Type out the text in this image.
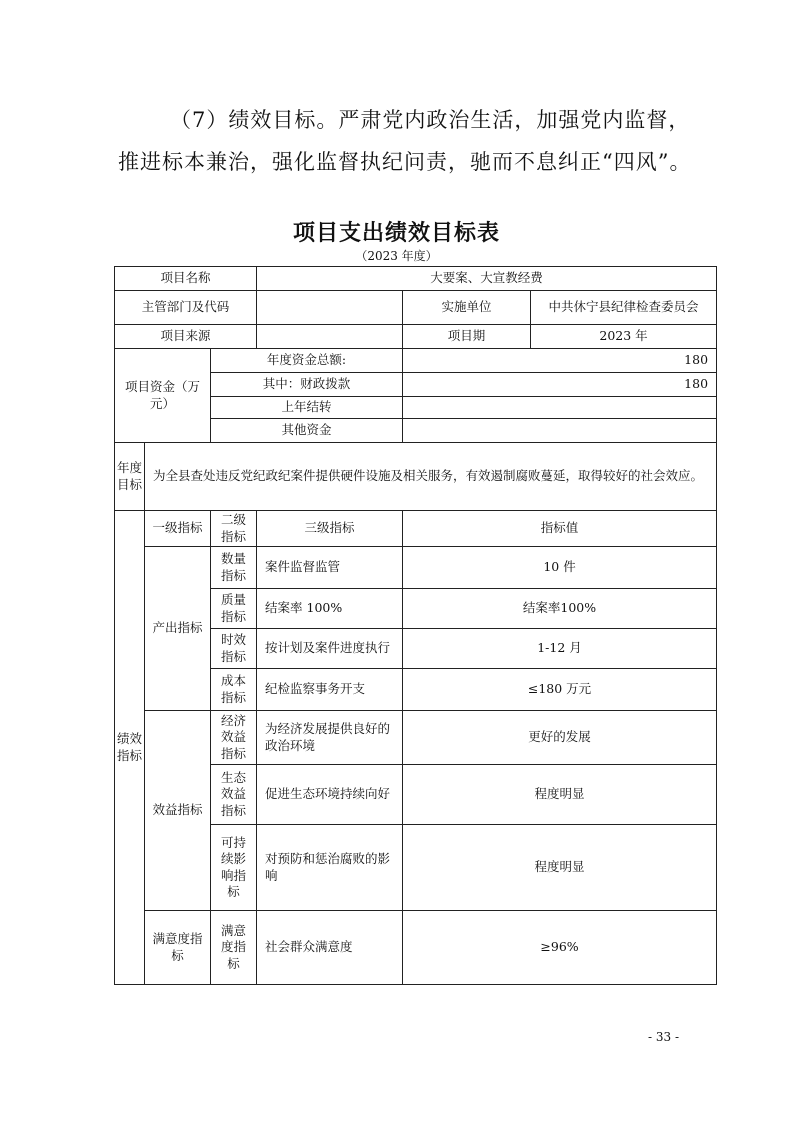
（7）绩效目标。严肃党内政治生活，加强党内监督，
推进标本兼治，强化监督执纪问责，驰而不息纠正“四风”。
项目支出绩效目标表
（2023 年度）
项目名称			大要案、大宣教经费		
主管部门及代码				实施单位	中共休宁县纪律检查委员会
项目来源				项目期	2023 年
项目资金（万元）		年度资金总额:		180	
		其中：财政拨款		180	
		上年结转			
		其他资金			
年度目标	为全县查处违反党纪政纪案件提供硬件设施及相关服务，有效遏制腐败蔓延，取得较好的社会效应。				
绩效指标	一级指标	二级指标	三级指标	指标值	
	产出指标	数量指标	案件监督监管	10 件	
		质量指标	结案率 100%	结案率100%	
		时效指标	按计划及案件进度执行	1-12 月	
		成本指标	纪检监察事务开支	≤180 万元	
	效益指标	经济效益指标	为经济发展提供良好的政治环境	更好的发展	
		生态效益指标	促进生态环境持续向好	程度明显	
		可持续影响指标	对预防和惩治腐败的影响	程度明显	
	满意度指标	满意度指标	社会群众满意度	≥96%	
- 33 -
